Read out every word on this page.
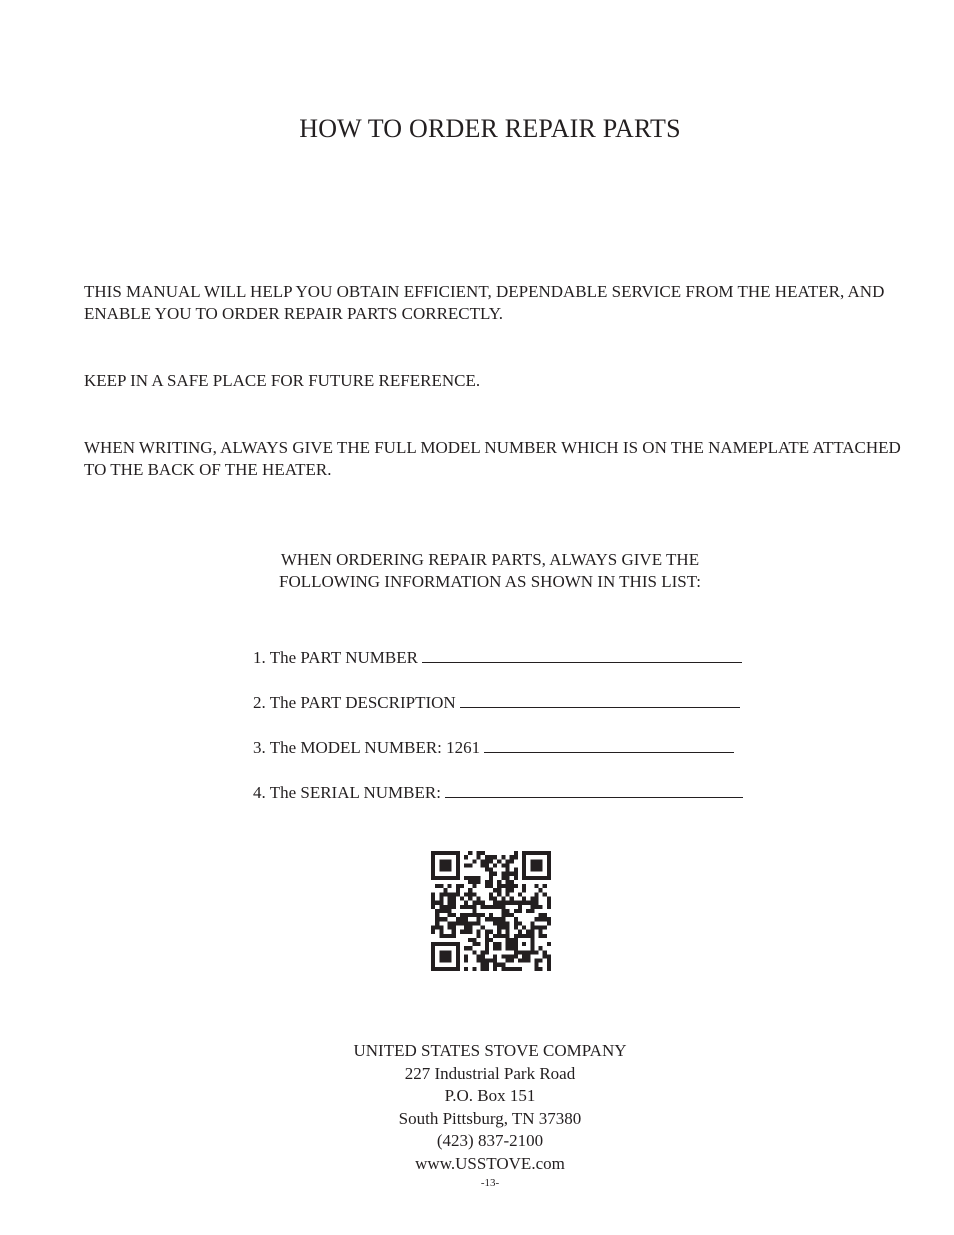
HOW TO ORDER REPAIR PARTS
THIS MANUAL WILL HELP YOU OBTAIN EFFICIENT, DEPENDABLE SERVICE FROM THE HEATER, AND ENABLE YOU TO ORDER REPAIR PARTS CORRECTLY.
KEEP IN A SAFE PLACE FOR FUTURE REFERENCE.
WHEN WRITING, ALWAYS GIVE THE FULL MODEL NUMBER WHICH IS ON THE NAMEPLATE ATTACHED TO THE BACK OF THE HEATER.
WHEN ORDERING REPAIR PARTS, ALWAYS GIVE THE
FOLLOWING INFORMATION AS SHOWN IN THIS LIST:
1. The PART NUMBER
2. The PART DESCRIPTION
3. The MODEL NUMBER: 1261
4. The SERIAL NUMBER:
UNITED STATES STOVE COMPANY
227 Industrial Park Road
P.O. Box 151
South Pittsburg, TN 37380
(423) 837-2100
www.USSTOVE.com
-13-
